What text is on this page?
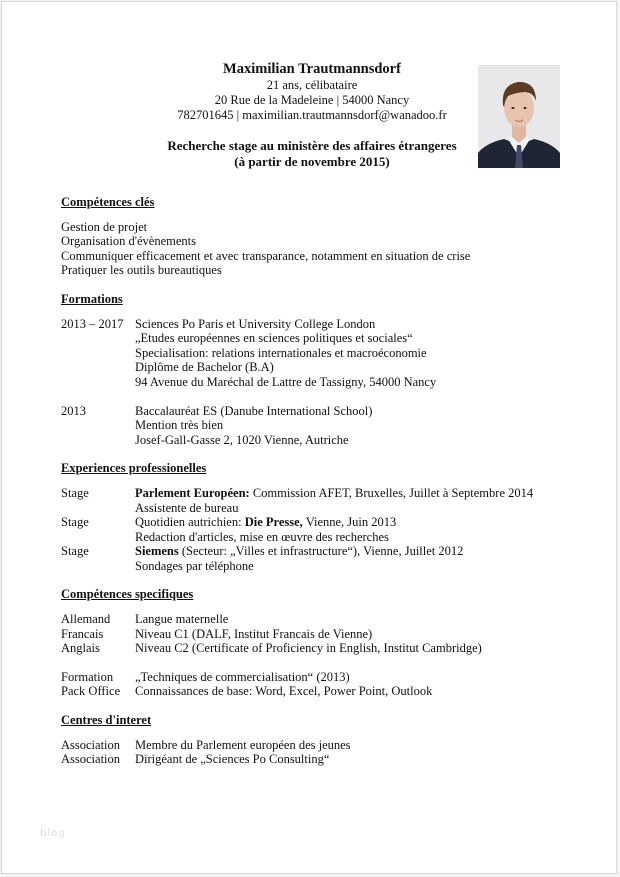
Maximilian Trautmannsdorf
21 ans, célibataire
20 Rue de la Madeleine | 54000 Nancy
782701645 | maximilian.trautmannsdorf@wanadoo.fr
Recherche stage au ministère des affaires étrangeres
(à partir de novembre 2015)
Compétences clés
Gestion de projet
Organisation d'évènements
Communiquer efficacement et avec transparance, notamment en situation de crise
Pratiquer les outils bureautiques
Formations
2013 – 2017 Sciences Po Paris et University College London
„Etudes européennes en sciences politiques et sociales“
Specialisation: relations internationales et macroéconomie
Diplôme de Bachelor (B.A)
94 Avenue du Maréchal de Lattre de Tassigny, 54000 Nancy
2013	Baccalauréat ES (Danube International School)
Mention très bien
Josef-Gall-Gasse 2, 1020 Vienne, Autriche
Experiences professionelles
Stage	Parlement Européen: Commission AFET, Bruxelles, Juillet à Septembre 2014
Assistente de bureau
Stage	Quotidien autrichien: Die Presse, Vienne, Juin 2013
Redaction d'articles, mise en œuvre des recherches
Stage	Siemens (Secteur: „Villes et infrastructure“), Vienne, Juillet 2012
Sondages par téléphone
Compétences specifiques
Allemand	Langue maternelle
Francais	Niveau C1 (DALF, Institut Francais de Vienne)
Anglais	Niveau C2 (Certificate of Proficiency in English, Institut Cambridge)
Formation	„Techniques de commercialisation“ (2013)
Pack Office	Connaissances de base: Word, Excel, Power Point, Outlook
Centres d'interet
Association	Membre du Parlement européen des jeunes
Association	Dirigéant de „Sciences Po Consulting“
blog
